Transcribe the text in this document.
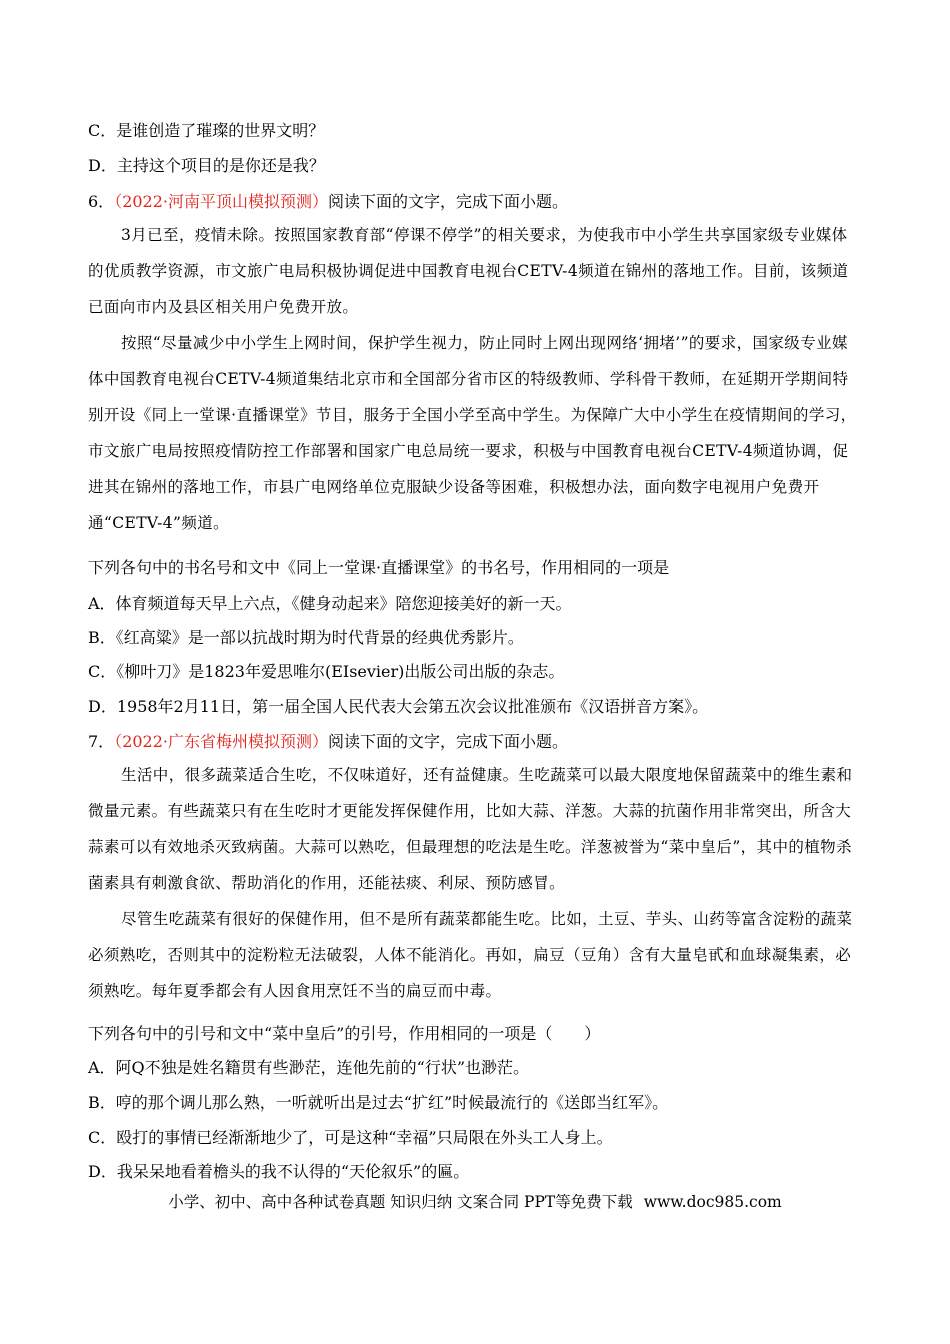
C．是谁创造了璀璨的世界文明？
D．主持这个项目的是你还是我？
6．（2022·河南平顶山模拟预测）阅读下面的文字，完成下面小题。

3月已至，疫情未除。按照国家教育部“停课不停学”的相关要求，为使我市中小学生共享国家级专业媒体的优质教学资源，市文旅广电局积极协调促进中国教育电视台CETV-4频道在锦州的落地工作。目前，该频道已面向市内及县区相关用户免费开放。

按照“尽量减少中小学生上网时间，保护学生视力，防止同时上网出现网络‘拥堵’”的要求，国家级专业媒体中国教育电视台CETV-4频道集结北京市和全国部分省市区的特级教师、学科骨干教师，在延期开学期间特别开设《同上一堂课·直播课堂》节目，服务于全国小学至高中学生。为保障广大中小学生在疫情期间的学习，市文旅广电局按照疫情防控工作部署和国家广电总局统一要求，积极与中国教育电视台CETV-4频道协调，促进其在锦州的落地工作，市县广电网络单位克服缺少设备等困难，积极想办法，面向数字电视用户免费开通“CETV-4”频道。

下列各句中的书名号和文中《同上一堂课·直播课堂》的书名号，作用相同的一项是
A．体育频道每天早上六点，《健身动起来》陪您迎接美好的新一天。
B．《红高粱》是一部以抗战时期为时代背景的经典优秀影片。
C．《柳叶刀》是1823年爱思唯尔(EIsevier)出版公司出版的杂志。
D．1958年2月11日，第一届全国人民代表大会第五次会议批准颁布《汉语拼音方案》。
7．（2022·广东省梅州模拟预测）阅读下面的文字，完成下面小题。

生活中，很多蔬菜适合生吃，不仅味道好，还有益健康。生吃蔬菜可以最大限度地保留蔬菜中的维生素和微量元素。有些蔬菜只有在生吃时才更能发挥保健作用，比如大蒜、洋葱。大蒜的抗菌作用非常突出，所含大蒜素可以有效地杀灭致病菌。大蒜可以熟吃，但最理想的吃法是生吃。洋葱被誉为“菜中皇后”，其中的植物杀菌素具有刺激食欲、帮助消化的作用，还能祛痰、利尿、预防感冒。

尽管生吃蔬菜有很好的保健作用，但不是所有蔬菜都能生吃。比如，土豆、芋头、山药等富含淀粉的蔬菜必须熟吃，否则其中的淀粉粒无法破裂，人体不能消化。再如，扁豆（豆角）含有大量皂甙和血球凝集素，必须熟吃。每年夏季都会有人因食用烹饪不当的扁豆而中毒。

下列各句中的引号和文中“菜中皇后”的引号，作用相同的一项是（　　）
A．阿Q不独是姓名籍贯有些渺茫，连他先前的“行状”也渺茫。
B．哼的那个调儿那么熟，一听就听出是过去“扩红”时候最流行的《送郎当红军》。
C．殴打的事情已经渐渐地少了，可是这种“幸福”只局限在外头工人身上。
D．我呆呆地看着檐头的我不认得的“天伦叙乐”的匾。
小学、初中、高中各种试卷真题 知识归纳 文案合同 PPT等免费下载 www.doc985.com
